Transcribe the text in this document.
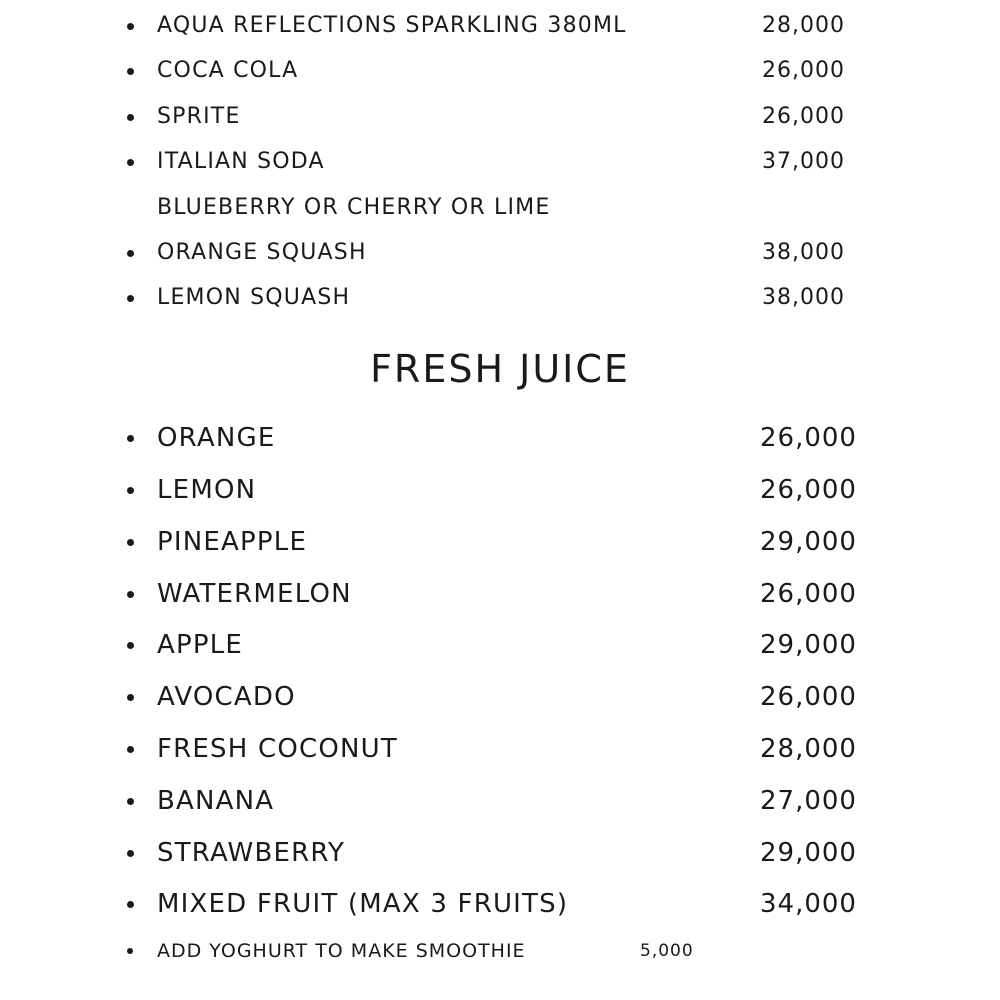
AQUA REFLECTIONS SPARKLING 380ML	28,000
COCA COLA	26,000
SPRITE	26,000
ITALIAN SODA	37,000
BLUEBERRY OR CHERRY OR LIME
ORANGE SQUASH	38,000
LEMON SQUASH	38,000
FRESH JUICE
ORANGE	26,000
LEMON	26,000
PINEAPPLE	29,000
WATERMELON	26,000
APPLE	29,000
AVOCADO	26,000
FRESH COCONUT	28,000
BANANA	27,000
STRAWBERRY	29,000
MIXED FRUIT (MAX 3 FRUITS)	34,000
ADD YOGHURT TO MAKE SMOOTHIE	5,000
